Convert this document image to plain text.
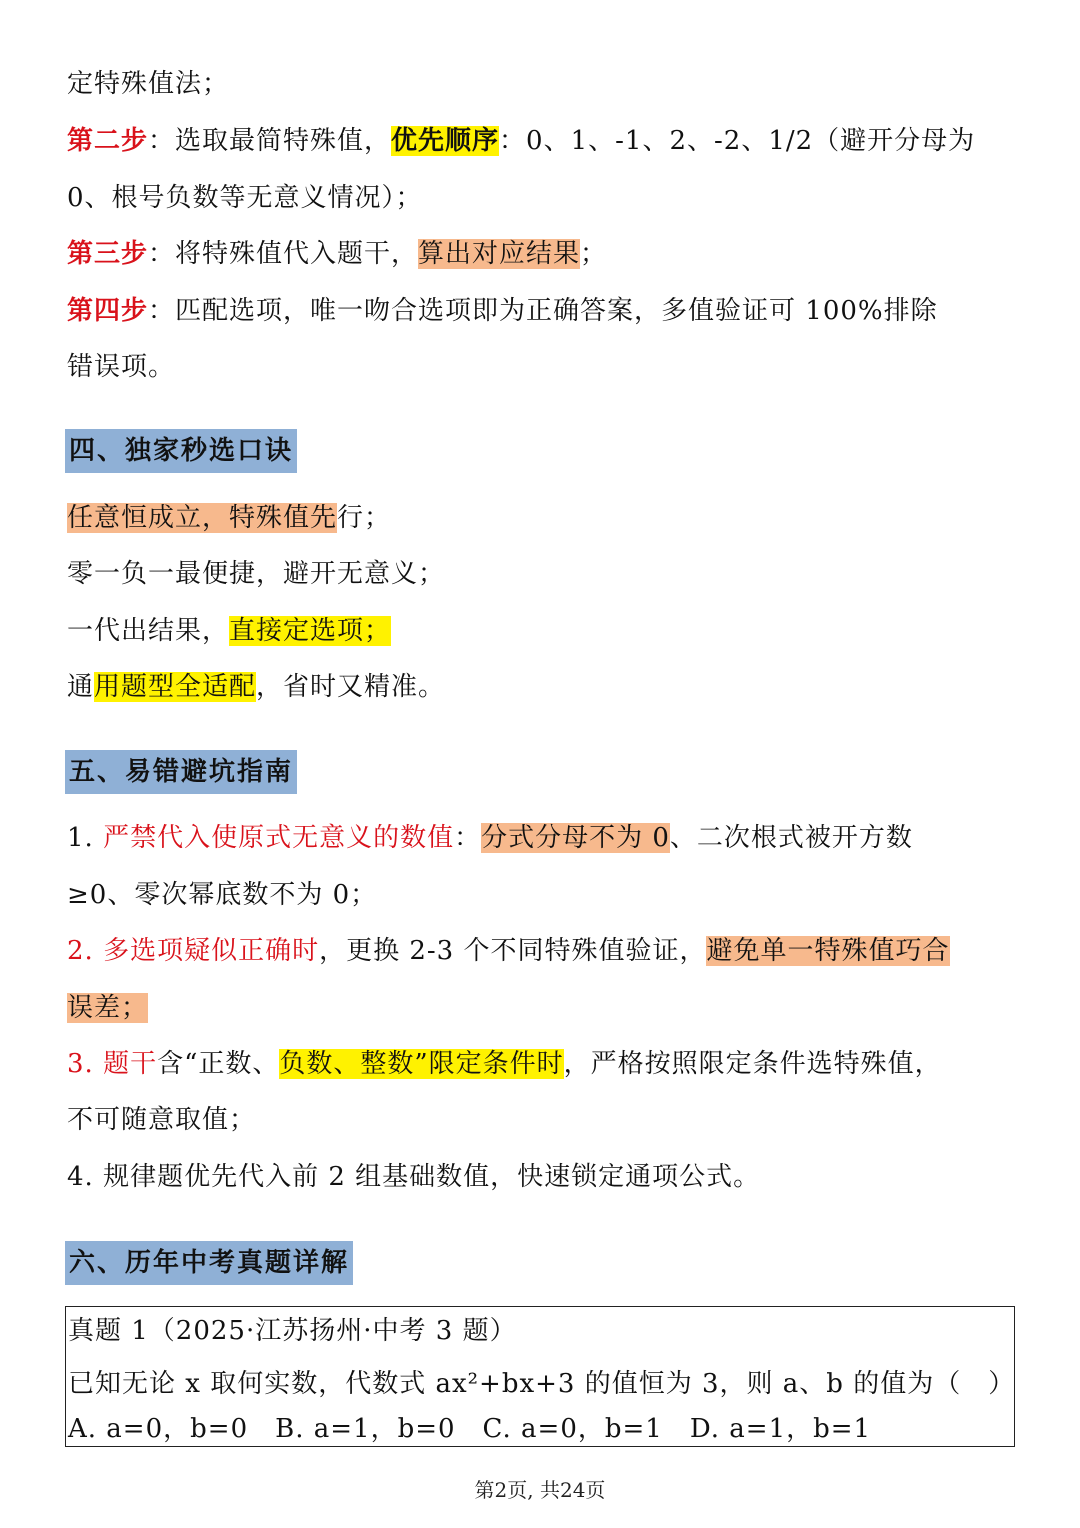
定特殊值法；
第二步：选取最简特殊值，优先顺序：0、1、-1、2、-2、1/2（避开分母为
0、根号负数等无意义情况）；
第三步：将特殊值代入题干，算出对应结果；
第四步：匹配选项，唯一吻合选项即为正确答案，多值验证可 100%排除
错误项。
四、独家秒选口诀
任意恒成立，特殊值先行；
零一负一最便捷，避开无意义；
一代出结果，直接定选项；
通用题型全适配，省时又精准。
五、易错避坑指南
1. 严禁代入使原式无意义的数值：分式分母不为 0、二次根式被开方数
≥0、零次幂底数不为 0；
2. 多选项疑似正确时，更换 2-3 个不同特殊值验证，避免单一特殊值巧合
误差；
3. 题干含“正数、负数、整数”限定条件时，严格按照限定条件选特殊值，
不可随意取值；
4. 规律题优先代入前 2 组基础数值，快速锁定通项公式。
六、历年中考真题详解
真题 1（2025·江苏扬州·中考 3 题）
已知无论 x 取何实数，代数式 ax²+bx+3 的值恒为 3，则 a、b 的值为（　）
A. a=0，b=0　B. a=1，b=0　C. a=0，b=1　D. a=1，b=1
第2页, 共24页
